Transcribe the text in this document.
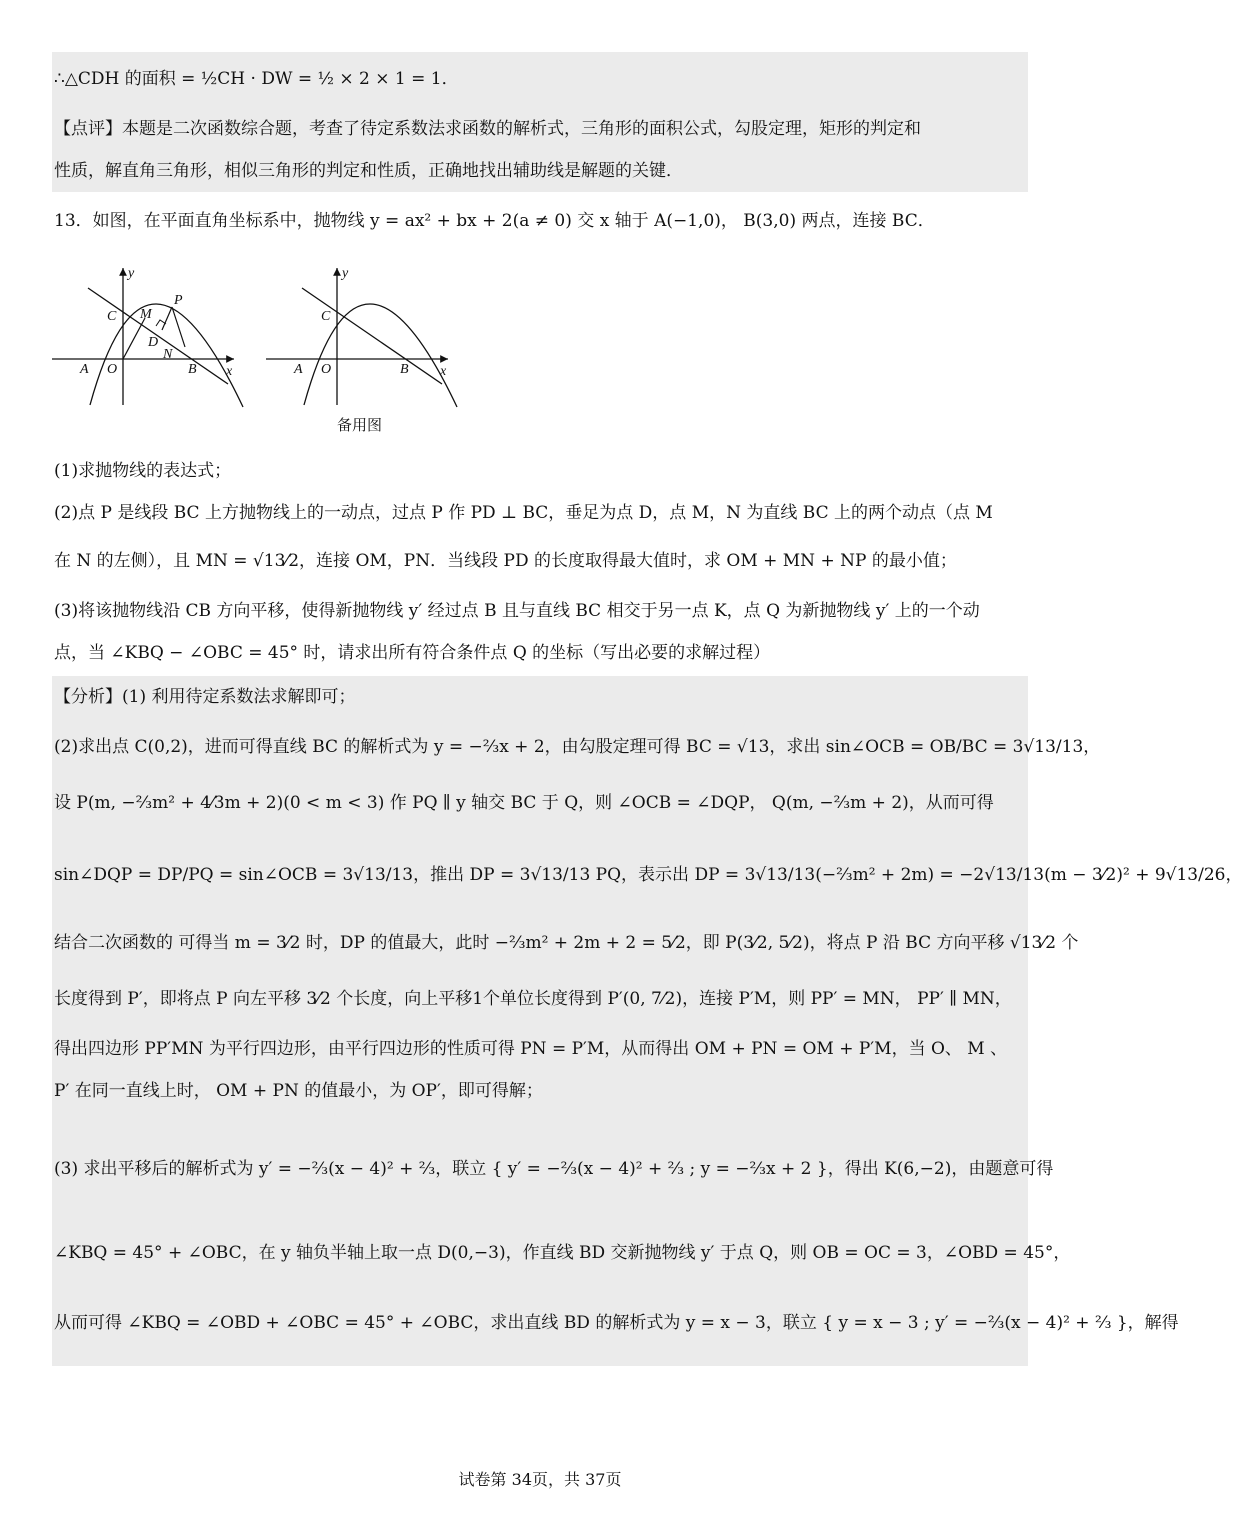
∴△CDH 的面积 = ½CH · DW = ½ × 2 × 1 = 1．
【点评】本题是二次函数综合题，考查了待定系数法求函数的解析式，三角形的面积公式，勾股定理，矩形的判定和
性质，解直角三角形，相似三角形的判定和性质，正确地找出辅助线是解题的关键．
13．如图，在平面直角坐标系中，抛物线 y = ax² + bx + 2(a ≠ 0) 交 x 轴于 A(−1,0)， B(3,0) 两点，连接 BC．
y
x
C M
P
D
N
A O	B
y
x
C
A O	B
备用图
(1)求抛物线的表达式；
(2)点 P 是线段 BC 上方抛物线上的一动点，过点 P 作 PD ⊥ BC，垂足为点 D，点 M，N 为直线 BC 上的两个动点（点 M
在 N 的左侧），且 MN = √13⁄2，连接 OM，PN．当线段 PD 的长度取得最大值时，求 OM + MN + NP 的最小值；
(3)将该抛物线沿 CB 方向平移，使得新抛物线 y′ 经过点 B 且与直线 BC 相交于另一点 K，点 Q 为新抛物线 y′ 上的一个动
点，当 ∠KBQ − ∠OBC = 45° 时，请求出所有符合条件点 Q 的坐标（写出必要的求解过程）
【分析】(1) 利用待定系数法求解即可；
(2)求出点 C(0,2)，进而可得直线 BC 的解析式为 y = −⅔x + 2，由勾股定理可得 BC = √13，求出 sin∠OCB = OB/BC = 3√13/13，
设 P(m, −⅔m² + 4⁄3m + 2)(0 < m < 3) 作 PQ ∥ y 轴交 BC 于 Q，则 ∠OCB = ∠DQP， Q(m, −⅔m + 2)，从而可得
sin∠DQP = DP/PQ = sin∠OCB = 3√13/13，推出 DP = 3√13/13 PQ，表示出 DP = 3√13/13(−⅔m² + 2m) = −2√13/13(m − 3⁄2)² + 9√13/26，
结合二次函数的 可得当 m = 3⁄2 时，DP 的值最大，此时 −⅔m² + 2m + 2 = 5⁄2，即 P(3⁄2, 5⁄2)，将点 P 沿 BC 方向平移 √13⁄2 个
长度得到 P′，即将点 P 向左平移 3⁄2 个长度，向上平移1个单位长度得到 P′(0, 7⁄2)，连接 P′M，则 PP′ = MN， PP′ ∥ MN，
得出四边形 PP′MN 为平行四边形，由平行四边形的性质可得 PN = P′M，从而得出 OM + PN = OM + P′M，当 O、 M 、
P′ 在同一直线上时， OM + PN 的值最小，为 OP′，即可得解；
(3) 求出平移后的解析式为 y′ = −⅔(x − 4)² + ⅔，联立 { y′ = −⅔(x − 4)² + ⅔ ; y = −⅔x + 2 }，得出 K(6,−2)，由题意可得
∠KBQ = 45° + ∠OBC，在 y 轴负半轴上取一点 D(0,−3)，作直线 BD 交新抛物线 y′ 于点 Q，则 OB = OC = 3，∠OBD = 45°，
从而可得 ∠KBQ = ∠OBD + ∠OBC = 45° + ∠OBC，求出直线 BD 的解析式为 y = x − 3，联立 { y = x − 3 ; y′ = −⅔(x − 4)² + ⅔ }，解得
试卷第 34页，共 37页
